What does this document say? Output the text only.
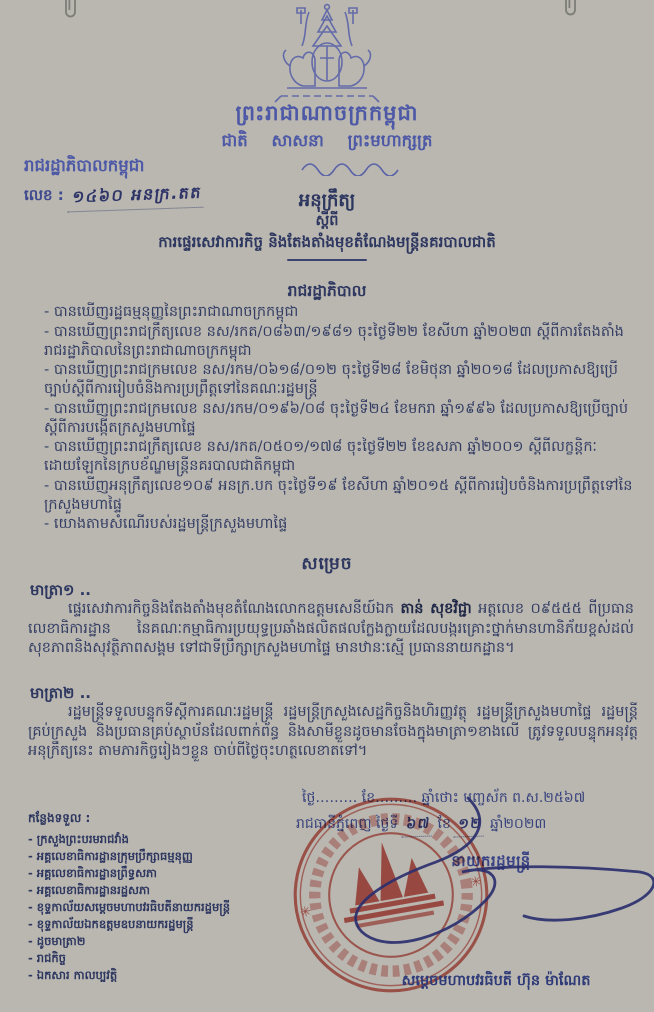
ព្រះរាជាណាចក្រកម្ពុជា
ជាតិ សាសនា ព្រះមហាក្សត្រ
រាជរដ្ឋាភិបាលកម្ពុជា
លេខ : ១៤៦០ អនក្រ.តត	អនុក្រឹត្យ
ស្តីពី
ការផ្ទេរសេវាការកិច្ច និងតែងតាំងមុខតំណែងមន្ត្រីនគរបាលជាតិ
រាជរដ្ឋាភិបាល
- បានឃើញរដ្ឋធម្មនុញ្ញនៃព្រះរាជាណាចក្រកម្ពុជា
- បានឃើញព្រះរាជក្រឹត្យលេខ នស/រកត/០៨៦៣/១៩៨១ ចុះថ្ងៃទី២២ ខែសីហា ឆ្នាំ២០២៣ ស្តីពីការតែងតាំងរាជរដ្ឋាភិបាលនៃព្រះរាជាណាចក្រកម្ពុជា
- បានឃើញព្រះរាជក្រមលេខ នស/រកម/០៦១៨/០១២ ចុះថ្ងៃទី២៨ ខែមិថុនា ឆ្នាំ២០១៨ ដែលប្រកាសឱ្យប្រើច្បាប់ស្តីពីការរៀបចំនិងការប្រព្រឹត្តទៅនៃគណៈរដ្ឋមន្ត្រី
- បានឃើញព្រះរាជក្រមលេខ នស/រកម/០១៩៦/០៨ ចុះថ្ងៃទី២៤ ខែមករា ឆ្នាំ១៩៩៦ ដែលប្រកាសឱ្យប្រើច្បាប់ ស្តីពីការបង្កើតក្រសួងមហាផ្ទៃ
- បានឃើញព្រះរាជក្រឹត្យលេខ នស/រកត/០៥០១/១៧៨ ចុះថ្ងៃទី២២ ខែឧសភា ឆ្នាំ២០០១ ស្តីពីលក្ខន្តិកៈដោយឡែកនៃក្របខ័ណ្ឌមន្ត្រីនគរបាលជាតិកម្ពុជា
- បានឃើញអនុក្រឹត្យលេខ១០៩ អនក្រ.បក ចុះថ្ងៃទី១៩ ខែសីហា ឆ្នាំ២០១៥ ស្តីពីការរៀបចំនិងការប្រព្រឹត្តទៅនៃក្រសួងមហាផ្ទៃ
- យោងតាមសំណើរបស់រដ្ឋមន្ត្រីក្រសួងមហាផ្ទៃ
សម្រេច
មាត្រា១ ..

ផ្ទេរសេវាការកិច្ចនិងតែងតាំងមុខតំណែងលោកឧត្តមសេនីយ៍ឯក តាន់ សុខវិជ្ជា អត្តលេខ ០៩៥៥៥ ពីប្រធានលេខាធិការដ្ឋាន នៃគណៈកម្មាធិការប្រយុទ្ធប្រឆាំងផលិតផលក្លែងក្លាយដែលបង្ករគ្រោះថ្នាក់មានហានិភ័យខ្ពស់ដល់សុខភាពនិងសុវត្ថិភាពសង្គម ទៅជាទីប្រឹក្សាក្រសួងមហាផ្ទៃ មានឋានៈស្មើ ប្រធាននាយកដ្ឋាន។

មាត្រា២ ..

រដ្ឋមន្ត្រីទទួលបន្ទុកទីស្តីការគណៈរដ្ឋមន្ត្រី រដ្ឋមន្ត្រីក្រសួងសេដ្ឋកិច្ចនិងហិរញ្ញវត្ថុ រដ្ឋមន្ត្រីក្រសួងមហាផ្ទៃ រដ្ឋមន្ត្រីគ្រប់ក្រសួង និងប្រធានគ្រប់ស្ថាប័នដែលពាក់ព័ន្ធ និងសាមីខ្លួនដូចមានចែងក្នុងមាត្រា១ខាងលើ ត្រូវទទួលបន្ទុកអនុវត្តអនុក្រឹត្យនេះ តាមភារកិច្ចរៀងៗខ្លួន ចាប់ពីថ្ងៃចុះហត្ថលេខាតទៅ។

ថ្ងៃ……… ខែ……… ឆ្នាំថោះ បញ្ចស័ក ព.ស.២៥៦៧
រាជធានីភ្នំពេញ ថ្ងៃទី ៦៧ ខែ ១២ ឆ្នាំ២០២៣
នាយករដ្ឋមន្ត្រី
✳
✳
សម្តេចមហាបវរធិបតី ហ៊ុន ម៉ាណែត
កន្លែងទទួល :
- ក្រសួងព្រះបរមរាជវាំង
- អគ្គលេខាធិការដ្ឋានក្រុមប្រឹក្សាធម្មនុញ្ញ
- អគ្គលេខាធិការដ្ឋានព្រឹទ្ធសភា
- អគ្គលេខាធិការដ្ឋានរដ្ឋសភា
- ខុទ្ទកាល័យសម្តេចមហាបវរធិបតីនាយករដ្ឋមន្ត្រី
- ខុទ្ទកាល័យឯកឧត្តមឧបនាយករដ្ឋមន្ត្រី
- ដូចមាត្រា២
- រាជកិច្ច
- ឯកសារ កាលប្បវត្តិ
